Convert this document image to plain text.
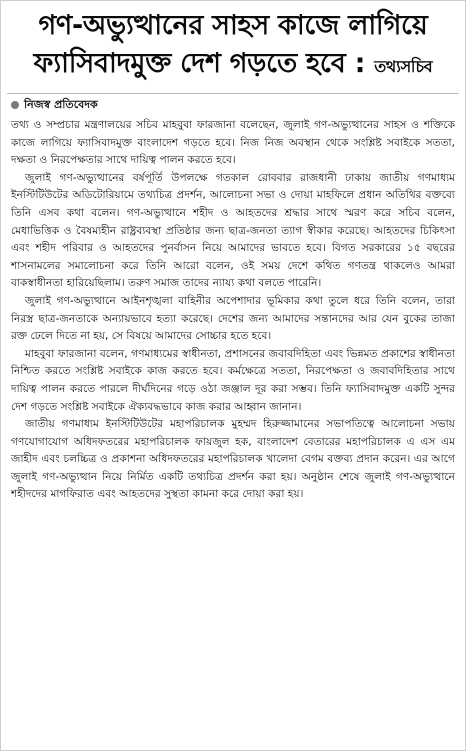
গণ-অভ্যুত্থানের সাহস কাজে লাগিয়ে
ফ্যাসিবাদমুক্ত দেশ গড়তে হবে : তথ্যসচিব
নিজস্ব প্রতিবেদক

তথ্য ও সম্প্রচার মন্ত্রণালয়ের সচিব মাহবুবা ফারজানা বলেছেন, জুলাই গণ-অভ্যুত্থানের সাহস ও শক্তিকে কাজে লাগিয়ে ফ্যাসিবাদমুক্ত বাংলাদেশ গড়তে হবে। নিজ নিজ অবস্থান থেকে সংশ্লিষ্ট সবাইকে সততা, দক্ষতা ও নিরপেক্ষতার সাথে দায়িত্ব পালন করতে হবে।

জুলাই গণ-অভ্যুত্থানের বর্ষপূর্তি উপলক্ষে গতকাল রোববার রাজধানী ঢাকায় জাতীয় গণমাধ্যম ইনস্টিটিউটের অডিটোরিয়ামে তথ্যচিত্র প্রদর্শন, আলোচনা সভা ও দোয়া মাহফিলে প্রধান অতিথির বক্তব্যে তিনি এসব কথা বলেন। গণ-অভ্যুত্থানে শহীদ ও আহতদের শ্রদ্ধার সাথে স্মরণ করে সচিব বলেন, মেধাভিত্তিক ও বৈষম্যহীন রাষ্ট্রব্যবস্থা প্রতিষ্ঠার জন্য ছাত্র-জনতা ত্যাগ স্বীকার করেছে। আহতদের চিকিৎসা এবং শহীদ পরিবার ও আহতদের পুনর্বাসন নিয়ে আমাদের ভাবতে হবে। বিগত সরকারের ১৫ বছরের শাসনামলের সমালোচনা করে তিনি আরো বলেন, ওই সময় দেশে কথিত গণতন্ত্র থাকলেও আমরা বাকস্বাধীনতা হারিয়েছিলাম। তরুণ সমাজ তাদের ন্যায্য কথা বলতে পারেনি।

জুলাই গণ-অভ্যুত্থানে আইনশৃঙ্খলা বাহিনীর অপেশাদার ভূমিকার কথা তুলে ধরে তিনি বলেন, তারা নিরস্ত্র ছাত্র-জনতাকে অন্যায়ভাবে হত্যা করেছে। দেশের জন্য আমাদের সন্তানদের আর যেন বুকের তাজা রক্ত ঢেলে দিতে না হয়, সে বিষয়ে আমাদের সোচ্চার হতে হবে।

মাহবুবা ফারজানা বলেন, গণমাধ্যমের স্বাধীনতা, প্রশাসনের জবাবদিহিতা এবং ভিন্নমত প্রকাশের স্বাধীনতা নিশ্চিত করতে সংশ্লিষ্ট সবাইকে কাজ করতে হবে। কর্মক্ষেত্রে সততা, নিরপেক্ষতা ও জবাবদিহিতার সাথে দায়িত্ব পালন করতে পারলে দীর্ঘদিনের গড়ে ওঠা জঞ্জাল দূর করা সম্ভব। তিনি ফ্যাসিবাদমুক্ত একটি সুন্দর দেশ গড়তে সংশ্লিষ্ট সবাইকে ঐক্যবদ্ধভাবে কাজ করার আহ্বান জানান।

জাতীয় গণমাধ্যম ইনস্টিটিউটের মহাপরিচালক মুহম্মদ হিরুজ্জামানের সভাপতিত্বে আলোচনা সভায় গণযোগাযোগ অধিদফতরের মহাপরিচালক ফায়জুল হক, বাংলাদেশ বেতারের মহাপরিচালক এ এস এম জাহীদ এবং চলচ্চিত্র ও প্রকাশনা অধিদফতরের মহাপরিচালক খালেদা বেগম বক্তব্য প্রদান করেন। এর আগে জুলাই গণ-অভ্যুত্থান নিয়ে নির্মিত একটি তথ্যচিত্র প্রদর্শন করা হয়। অনুষ্ঠান শেষে জুলাই গণ-অভ্যুত্থানে শহীদদের মাগফিরাত এবং আহতদের সুস্থতা কামনা করে দোয়া করা হয়।
